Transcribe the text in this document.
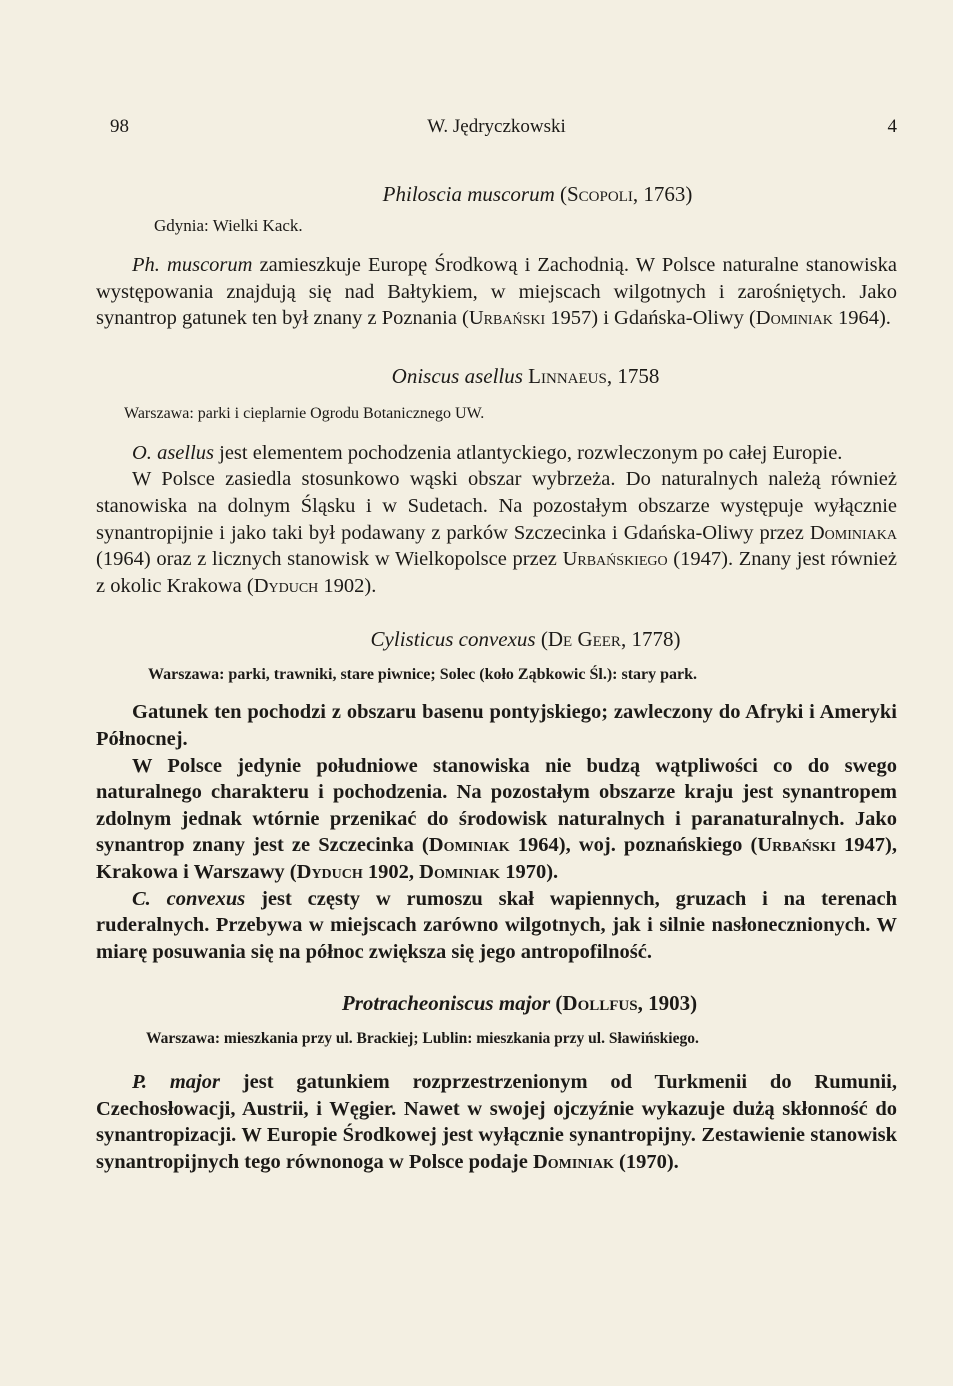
98	W. Jędryczkowski	4

Philoscia muscorum (Scopoli, 1763)

Gdynia: Wielki Kack.

Ph. muscorum zamieszkuje Europę Środkową i Zachodnią. W Polsce naturalne stanowiska występowania znajdują się nad Bałtykiem, w miejscach wilgotnych i zarośniętych. Jako synantrop gatunek ten był znany z Poznania (Urbański 1957) i Gdańska-Oliwy (Dominiak 1964).

Oniscus asellus Linnaeus, 1758

Warszawa: parki i cieplarnie Ogrodu Botanicznego UW.

O. asellus jest elementem pochodzenia atlantyckiego, rozwleczonym po całej Europie.

W Polsce zasiedla stosunkowo wąski obszar wybrzeża. Do naturalnych należą również stanowiska na dolnym Śląsku i w Sudetach. Na pozostałym obszarze występuje wyłącznie synantropijnie i jako taki był podawany z parków Szczecinka i Gdańska-Oliwy przez Dominiaka (1964) oraz z licznych stanowisk w Wielkopolsce przez Urbańskiego (1947). Znany jest również z okolic Krakowa (Dyduch 1902).

Cylisticus convexus (De Geer, 1778)

Warszawa: parki, trawniki, stare piwnice; Solec (koło Ząbkowic Śl.): stary park.

Gatunek ten pochodzi z obszaru basenu pontyjskiego; zawleczony do Afryki i Ameryki Północnej.

W Polsce jedynie południowe stanowiska nie budzą wątpliwości co do swego naturalnego charakteru i pochodzenia. Na pozostałym obszarze kraju jest synantropem zdolnym jednak wtórnie przenikać do środowisk naturalnych i paranaturalnych. Jako synantrop znany jest ze Szczecinka (Dominiak 1964), woj. poznańskiego (Urbański 1947), Krakowa i Warszawy (Dyduch 1902, Dominiak 1970).

C. convexus jest częsty w rumoszu skał wapiennych, gruzach i na terenach ruderalnych. Przebywa w miejscach zarówno wilgotnych, jak i silnie nasłonecznionych. W miarę posuwania się na północ zwiększa się jego antropofilność.

Protracheoniscus major (Dollfus, 1903)

Warszawa: mieszkania przy ul. Brackiej; Lublin: mieszkania przy ul. Sławińskiego.

P. major jest gatunkiem rozprzestrzenionym od Turkmenii do Rumunii, Czechosłowacji, Austrii, i Węgier. Nawet w swojej ojczyźnie wykazuje dużą skłonność do synantropizacji. W Europie Środkowej jest wyłącznie synantropijny. Zestawienie stanowisk synantropijnych tego równonoga w Polsce podaje Dominiak (1970).
